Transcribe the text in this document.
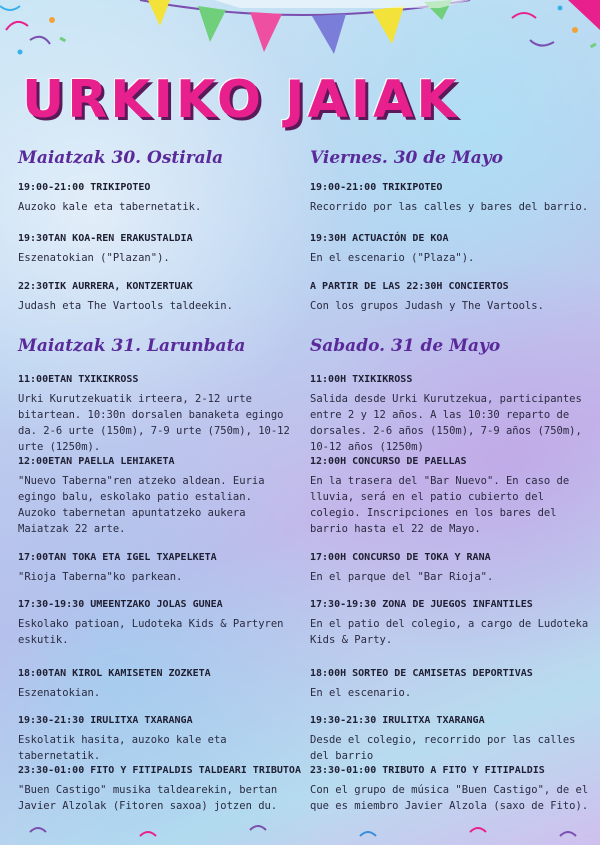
URKIKO JAIAK
Maiatzak 30. Ostirala
19:00-21:00 TRIKIPOTEO
Auzoko kale eta tabernetatik.
19:30TAN KOA-REN ERAKUSTALDIA
Eszenatokian ("Plazan").
22:30TIK AURRERA, KONTZERTUAK
Judash eta The Vartools taldeekin.
Maiatzak 31. Larunbata
11:00ETAN TXIKIKROSS
Urki Kurutzekuatik irteera, 2-12 urte bitartean. 10:30n dorsalen banaketa egingo da. 2-6 urte (150m), 7-9 urte (750m), 10-12 urte (1250m).
12:00ETAN PAELLA LEHIAKETA
"Nuevo Taberna"ren atzeko aldean. Euria egingo balu, eskolako patio estalian. Auzoko tabernetan apuntatzeko aukera Maiatzak 22 arte.
17:00TAN TOKA ETA IGEL TXAPELKETA
"Rioja Taberna"ko parkean.
17:30-19:30 UMEENTZAKO JOLAS GUNEA
Eskolako patioan, Ludoteka Kids & Partyren eskutik.
18:00TAN KIROL KAMISETEN ZOZKETA
Eszenatokian.
19:30-21:30 IRULITXA TXARANGA
Eskolatik hasita, auzoko kale eta tabernetatik.
23:30-01:00 FITO Y FITIPALDIS TALDEARI TRIBUTOA
"Buen Castigo" musika taldearekin, bertan Javier Alzolak (Fitoren saxoa) jotzen du.
Viernes. 30 de Mayo
19:00-21:00 TRIKIPOTEO
Recorrido por las calles y bares del barrio.
19:30H ACTUACIÓN DE KOA
En el escenario ("Plaza").
A PARTIR DE LAS 22:30H CONCIERTOS
Con los grupos Judash y The Vartools.
Sabado. 31 de Mayo
11:00H TXIKIKROSS
Salida desde Urki Kurutzekua, participantes entre 2 y 12 años. A las 10:30 reparto de dorsales. 2-6 años (150m), 7-9 años (750m), 10-12 años (1250m)
12:00H CONCURSO DE PAELLAS
En la trasera del "Bar Nuevo". En caso de lluvia, será en el patio cubierto del colegio. Inscripciones en los bares del barrio hasta el 22 de Mayo.
17:00H CONCURSO DE TOKA Y RANA
En el parque del "Bar Rioja".
17:30-19:30 ZONA DE JUEGOS INFANTILES
En el patio del colegio, a cargo de Ludoteka Kids & Party.
18:00H SORTEO DE CAMISETAS DEPORTIVAS
En el escenario.
19:30-21:30 IRULITXA TXARANGA
Desde el colegio, recorrido por las calles del barrio
23:30-01:00 TRIBUTO A FITO Y FITIPALDIS
Con el grupo de música "Buen Castigo", de el que es miembro Javier Alzola (saxo de Fito).
